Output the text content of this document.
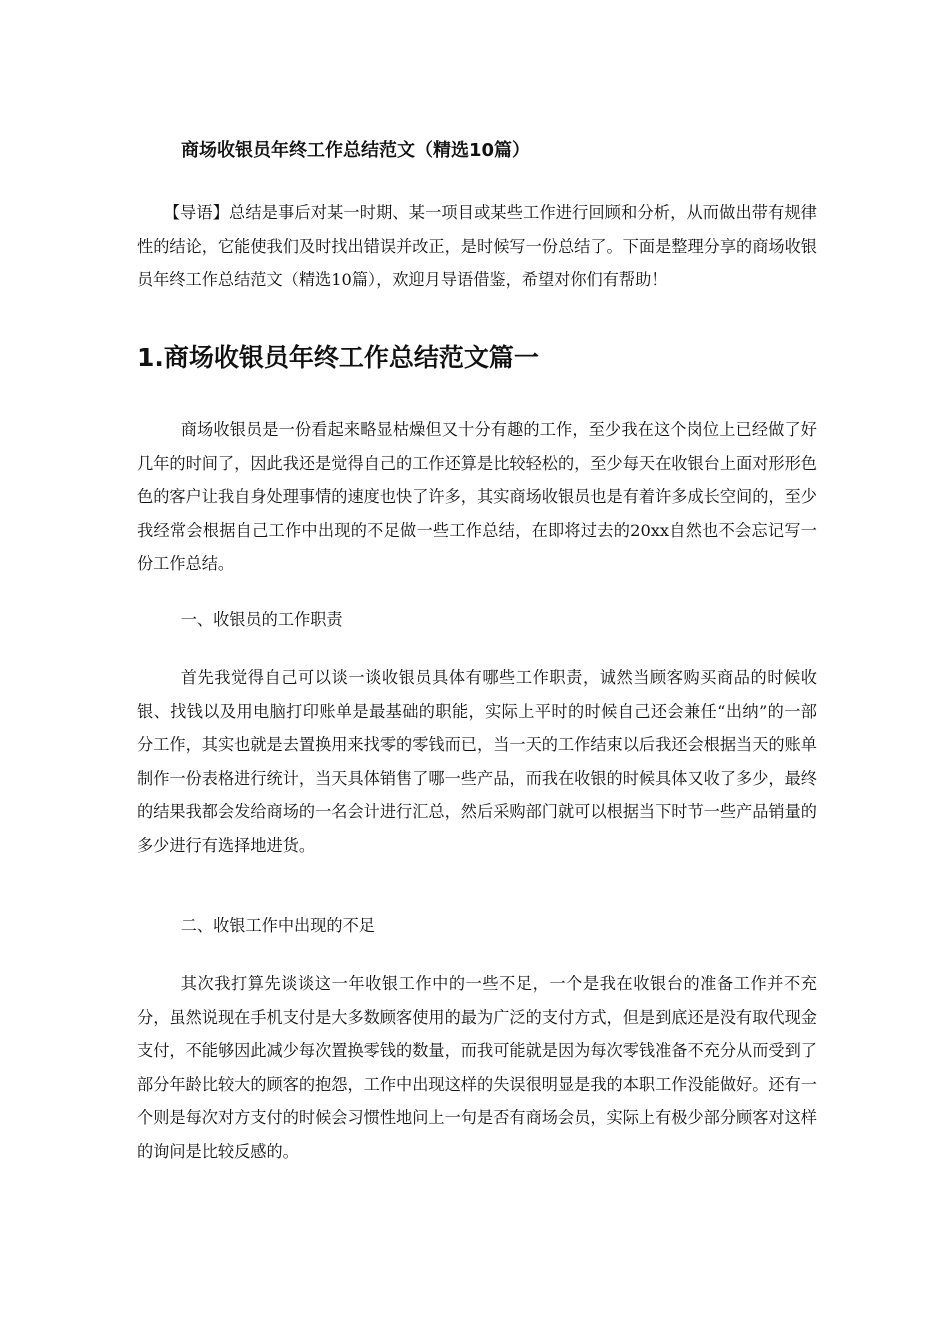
商场收银员年终工作总结范文（精选10篇）

【导语】总结是事后对某一时期、某一项目或某些工作进行回顾和分析，从而做出带有规律性的结论，它能使我们及时找出错误并改正，是时候写一份总结了。下面是整理分享的商场收银员年终工作总结范文（精选10篇），欢迎月导语借鉴，希望对你们有帮助！

1.商场收银员年终工作总结范文篇一

商场收银员是一份看起来略显枯燥但又十分有趣的工作，至少我在这个岗位上已经做了好几年的时间了，因此我还是觉得自己的工作还算是比较轻松的，至少每天在收银台上面对形形色色的客户让我自身处理事情的速度也快了许多，其实商场收银员也是有着许多成长空间的，至少我经常会根据自己工作中出现的不足做一些工作总结，在即将过去的20xx自然也不会忘记写一份工作总结。

一、收银员的工作职责

首先我觉得自己可以谈一谈收银员具体有哪些工作职责，诚然当顾客购买商品的时候收银、找钱以及用电脑打印账单是最基础的职能，实际上平时的时候自己还会兼任“出纳”的一部分工作，其实也就是去置换用来找零的零钱而已，当一天的工作结束以后我还会根据当天的账单制作一份表格进行统计，当天具体销售了哪一些产品，而我在收银的时候具体又收了多少，最终的结果我都会发给商场的一名会计进行汇总，然后采购部门就可以根据当下时节一些产品销量的多少进行有选择地进货。

二、收银工作中出现的不足

其次我打算先谈谈这一年收银工作中的一些不足，一个是我在收银台的准备工作并不充分，虽然说现在手机支付是大多数顾客使用的最为广泛的支付方式，但是到底还是没有取代现金支付，不能够因此减少每次置换零钱的数量，而我可能就是因为每次零钱准备不充分从而受到了部分年龄比较大的顾客的抱怨，工作中出现这样的失误很明显是我的本职工作没能做好。还有一个则是每次对方支付的时候会习惯性地问上一句是否有商场会员，实际上有极少部分顾客对这样的询问是比较反感的。
